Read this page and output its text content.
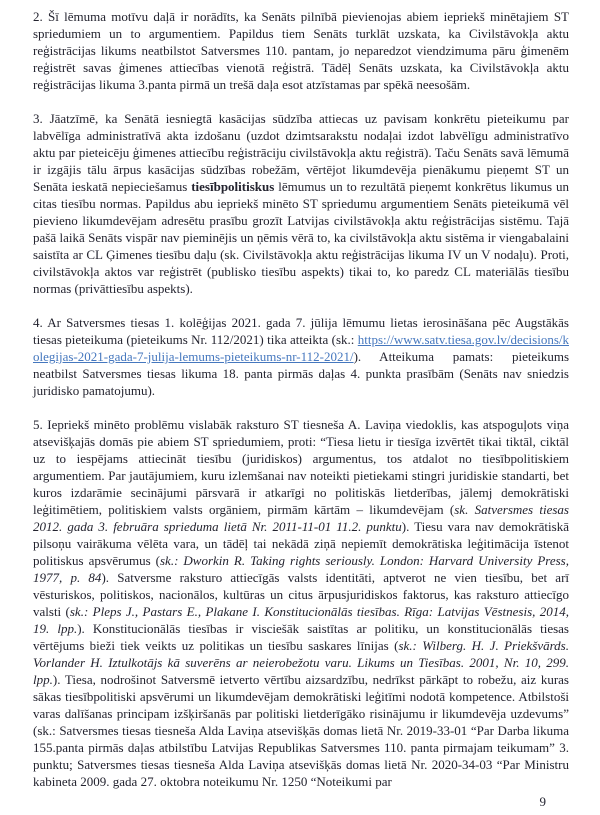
2. Šī lēmuma motīvu daļā ir norādīts, ka Senāts pilnībā pievienojas abiem iepriekš minētajiem ST spriedumiem un to argumentiem. Papildus tiem Senāts turklāt uzskata, ka Civilstāvokļa aktu reģistrācijas likums neatbilstot Satversmes 110. pantam, jo neparedzot viendzimuma pāru ģimenēm reģistrēt savas ģimenes attiecības vienotā reģistrā. Tādēļ Senāts uzskata, ka Civilstāvokļa aktu reģistrācijas likuma 3.panta pirmā un trešā daļa esot atzīstamas par spēkā neesošām.

3. Jāatzīmē, ka Senātā iesniegtā kasācijas sūdzība attiecas uz pavisam konkrētu pieteikumu par labvēlīga administratīvā akta izdošanu (uzdot dzimtsarakstu nodaļai izdot labvēlīgu administratīvo aktu par pieteicēju ģimenes attiecību reģistrāciju civilstāvokļa aktu reģistrā). Taču Senāts savā lēmumā ir izgājis tālu ārpus kasācijas sūdzības robežām, vērtējot likumdevēja pienākumu pieņemt ST un Senāta ieskatā nepieciešamus tiesībpolitiskus lēmumus un to rezultātā pieņemt konkrētus likumus un citas tiesību normas. Papildus abu iepriekš minēto ST spriedumu argumentiem Senāts pieteikumā vēl pievieno likumdevējam adresētu prasību grozīt Latvijas civilstāvokļa aktu reģistrācijas sistēmu. Tajā pašā laikā Senāts vispār nav pieminējis un ņēmis vērā to, ka civilstāvokļa aktu sistēma ir viengabalaini saistīta ar CL Ģimenes tiesību daļu (sk. Civilstāvokļa aktu reģistrācijas likuma IV un V nodaļu). Proti, civilstāvokļa aktos var reģistrēt (publisko tiesību aspekts) tikai to, ko paredz CL materiālās tiesību normas (privāttiesību aspekts).

4. Ar Satversmes tiesas 1. kolēģijas 2021. gada 7. jūlija lēmumu lietas ierosināšana pēc Augstākās tiesas pieteikuma (pieteikums Nr. 112/2021) tika atteikta (sk.: https://www.satv.tiesa.gov.lv/decisions/kolegijas-2021-gada-7-julija-lemums-pieteikums-nr-112-2021/). Atteikuma pamats: pieteikums neatbilst Satversmes tiesas likuma 18. panta pirmās daļas 4. punkta prasībām (Senāts nav sniedzis juridisko pamatojumu).

5. Iepriekš minēto problēmu vislabāk raksturo ST tiesneša A. Laviņa viedoklis, kas atspoguļots viņa atsevišķajās domās pie abiem ST spriedumiem, proti: “Tiesa lietu ir tiesīga izvērtēt tikai tiktāl, ciktāl uz to iespējams attiecināt tiesību (juridiskos) argumentus, tos atdalot no tiesībpolitiskiem argumentiem. Par jautājumiem, kuru izlemšanai nav noteikti pietiekami stingri juridiskie standarti, bet kuros izdarāmie secinājumi pārsvarā ir atkarīgi no politiskās lietderības, jālemj demokrātiski leģitimētiem, politiskiem valsts orgāniem, pirmām kārtām – likumdevējam (sk. Satversmes tiesas 2012. gada 3. februāra sprieduma lietā Nr. 2011-11-01 11.2. punktu). Tiesu vara nav demokrātiskā pilsoņu vairākuma vēlēta vara, un tādēļ tai nekādā ziņā nepiemīt demokrātiska leģitimācija īstenot politiskus apsvērumus (sk.: Dworkin R. Taking rights seriously. London: Harvard University Press, 1977, p. 84). Satversme raksturo attiecīgās valsts identitāti, aptverot ne vien tiesību, bet arī vēsturiskos, politiskos, nacionālos, kultūras un citus ārpusjuridiskos faktorus, kas raksturo attiecīgo valsti (sk.: Pleps J., Pastars E., Plakane I. Konstitucionālās tiesības. Rīga: Latvijas Vēstnesis, 2014, 19. lpp.). Konstitucionālās tiesības ir visciešāk saistītas ar politiku, un konstitucionālās tiesas vērtējums bieži tiek veikts uz politikas un tiesību saskares līnijas (sk.: Wilberg. H. J. Priekšvārds. Vorlander H. Iztulkotājs kā suverēns ar neierobežotu varu. Likums un Tiesības. 2001, Nr. 10, 299. lpp.). Tiesa, nodrošinot Satversmē ietverto vērtību aizsardzību, nedrīkst pārkāpt to robežu, aiz kuras sākas tiesībpolitiski apsvērumi un likumdevējam demokrātiski leģitīmi nodotā kompetence. Atbilstoši varas dalīšanas principam izšķiršanās par politiski lietderīgāko risinājumu ir likumdevēja uzdevums” (sk.: Satversmes tiesas tiesneša Alda Laviņa atsevišķās domas lietā Nr. 2019-33-01 “Par Darba likuma 155.panta pirmās daļas atbilstību Latvijas Republikas Satversmes 110. panta pirmajam teikumam” 3. punktu; Satversmes tiesas tiesneša Alda Laviņa atsevišķās domas lietā Nr. 2020-34-03 “Par Ministru kabineta 2009. gada 27. oktobra noteikumu Nr. 1250 “Noteikumi par

9
